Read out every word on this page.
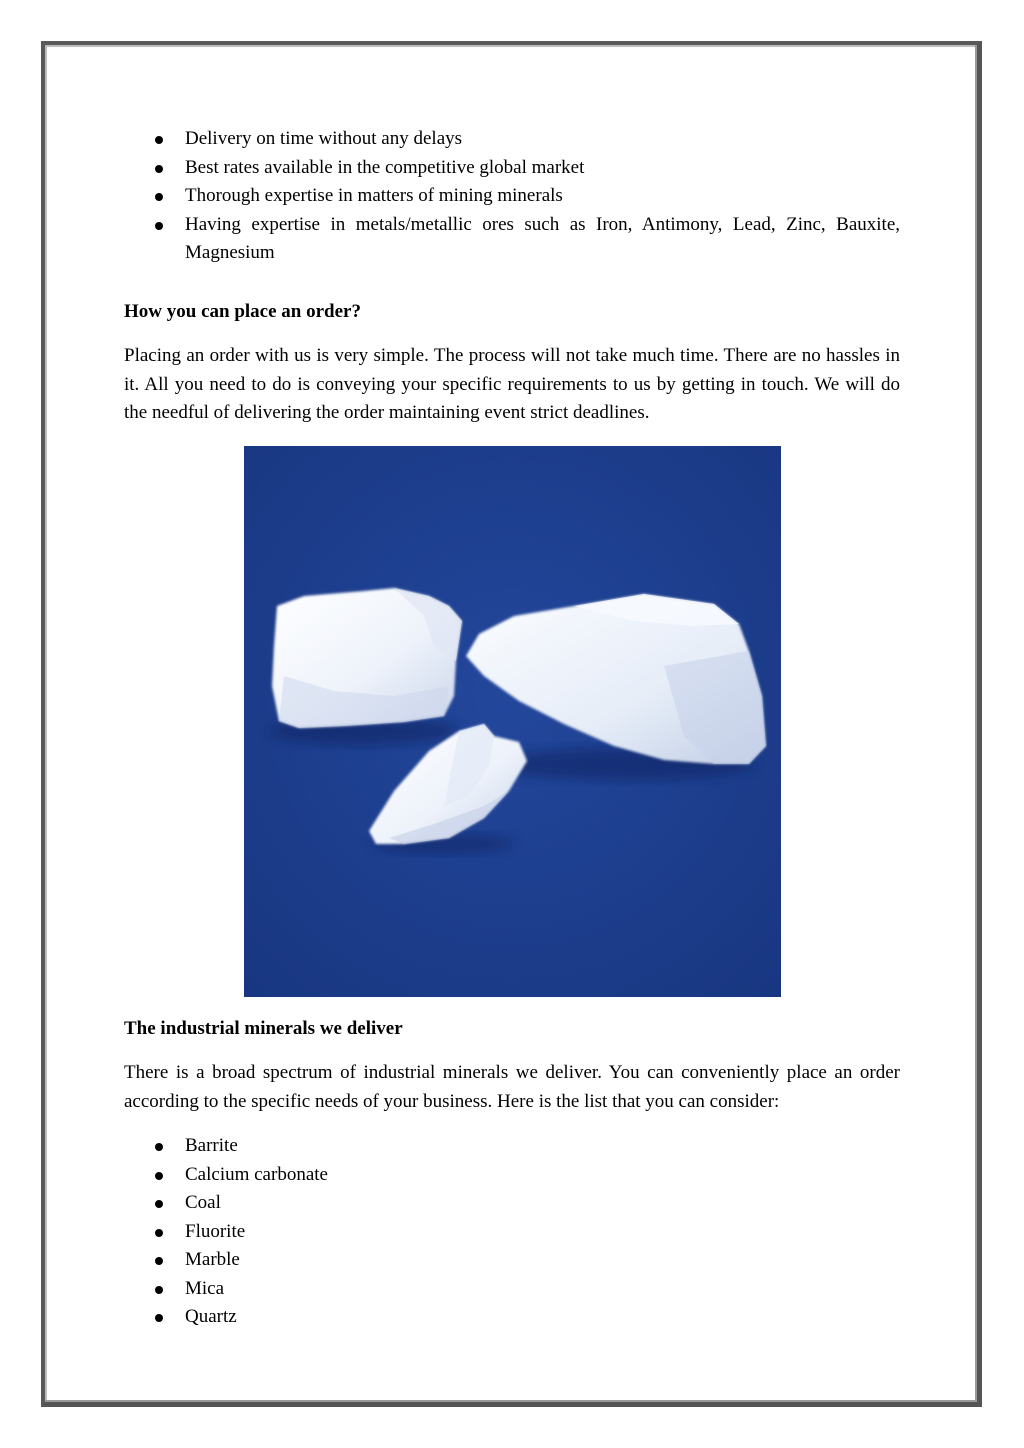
Delivery on time without any delays
Best rates available in the competitive global market
Thorough expertise in matters of mining minerals
Having expertise in metals/metallic ores such as Iron, Antimony, Lead, Zinc, Bauxite, Magnesium

How you can place an order?

Placing an order with us is very simple. The process will not take much time. There are no hassles in it. All you need to do is conveying your specific requirements to us by getting in touch. We will do the needful of delivering the order maintaining event strict deadlines.

The industrial minerals we deliver

There is a broad spectrum of industrial minerals we deliver. You can conveniently place an order according to the specific needs of your business. Here is the list that you can consider:

Barrite
Calcium carbonate
Coal
Fluorite
Marble
Mica
Quartz
